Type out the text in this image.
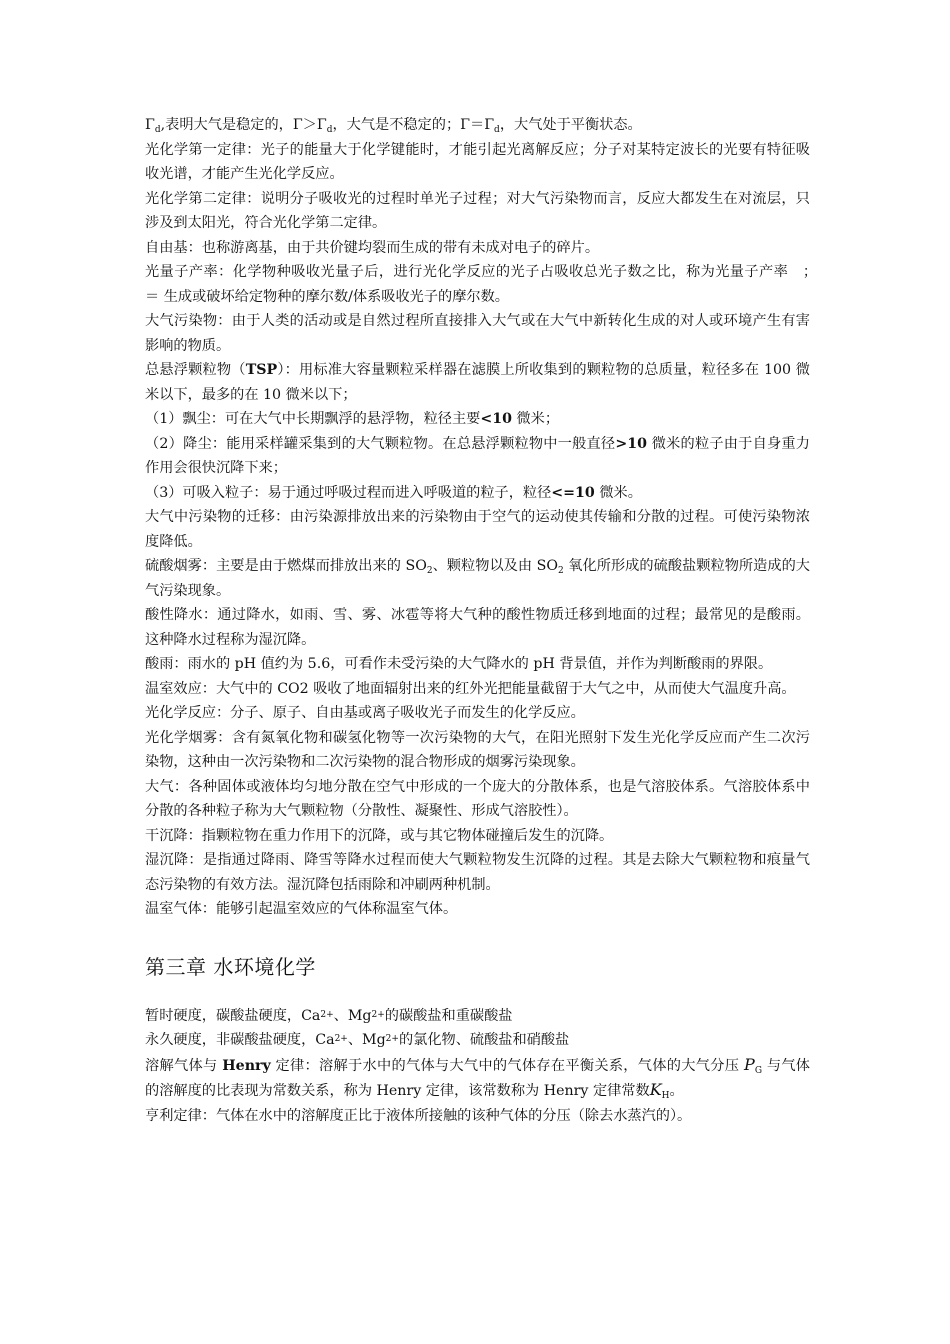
$\Gamma_d$,表明大气是稳定的，$\Gamma>\Gamma_d$，大气是不稳定的；$\Gamma=\Gamma_d$，大气处于平衡状态。

光化学第一定律：光子的能量大于化学键能时，才能引起光离解反应；分子对某特定波长的光要有特征吸收光谱，才能产生光化学反应。

光化学第二定律：说明分子吸收光的过程时单光子过程；对大气污染物而言，反应大都发生在对流层，只涉及到太阳光，符合光化学第二定律。

自由基：也称游离基，由于共价键均裂而生成的带有未成对电子的碎片。

光量子产率：化学物种吸收光量子后，进行光化学反应的光子占吸收总光子数之比，称为光量子产率　；　＝ 生成或破坏给定物种的摩尔数/体系吸收光子的摩尔数。

大气污染物：由于人类的活动或是自然过程所直接排入大气或在大气中新转化生成的对人或环境产生有害影响的物质。

总悬浮颗粒物（TSP）：用标准大容量颗粒采样器在滤膜上所收集到的颗粒物的总质量，粒径多在 100 微米以下，最多的在 10 微米以下；

（1）飘尘：可在大气中长期飘浮的悬浮物，粒径主要<10 微米；

（2）降尘：能用采样罐采集到的大气颗粒物。在总悬浮颗粒物中一般直径>10 微米的粒子由于自身重力作用会很快沉降下来；

（3）可吸入粒子：易于通过呼吸过程而进入呼吸道的粒子，粒径<=10 微米。

大气中污染物的迁移：由污染源排放出来的污染物由于空气的运动使其传输和分散的过程。可使污染物浓度降低。

硫酸烟雾：主要是由于燃煤而排放出来的 $SO_2$、颗粒物以及由 $SO_2$ 氧化所形成的硫酸盐颗粒物所造成的大气污染现象。

酸性降水：通过降水，如雨、雪、雾、冰雹等将大气种的酸性物质迁移到地面的过程；最常见的是酸雨。这种降水过程称为湿沉降。

酸雨：雨水的 pH 值约为 5.6，可看作未受污染的大气降水的 pH 背景值，并作为判断酸雨的界限。

温室效应：大气中的 CO2 吸收了地面辐射出来的红外光把能量截留于大气之中，从而使大气温度升高。

光化学反应：分子、原子、自由基或离子吸收光子而发生的化学反应。

光化学烟雾：含有氮氧化物和碳氢化物等一次污染物的大气，在阳光照射下发生光化学反应而产生二次污染物，这种由一次污染物和二次污染物的混合物形成的烟雾污染现象。

大气：各种固体或液体均匀地分散在空气中形成的一个庞大的分散体系，也是气溶胶体系。气溶胶体系中分散的各种粒子称为大气颗粒物（分散性、凝聚性、形成气溶胶性）。

干沉降：指颗粒物在重力作用下的沉降，或与其它物体碰撞后发生的沉降。

湿沉降：是指通过降雨、降雪等降水过程而使大气颗粒物发生沉降的过程。其是去除大气颗粒物和痕量气态污染物的有效方法。湿沉降包括雨除和冲刷两种机制。

温室气体：能够引起温室效应的气体称温室气体。

第三章 水环境化学

暂时硬度，碳酸盐硬度，$Ca^{2+}$、$Mg^{2+}$的碳酸盐和重碳酸盐

永久硬度，非碳酸盐硬度，$Ca^{2+}$、$Mg^{2+}$的氯化物、硫酸盐和硝酸盐

溶解气体与 Henry 定律：溶解于水中的气体与大气中的气体存在平衡关系，气体的大气分压 $P_G$ 与气体的溶解度的比表现为常数关系，称为 Henry 定律，该常数称为 Henry 定律常数$K_H$。

亨利定律：气体在水中的溶解度正比于液体所接触的该种气体的分压（除去水蒸汽的）。
